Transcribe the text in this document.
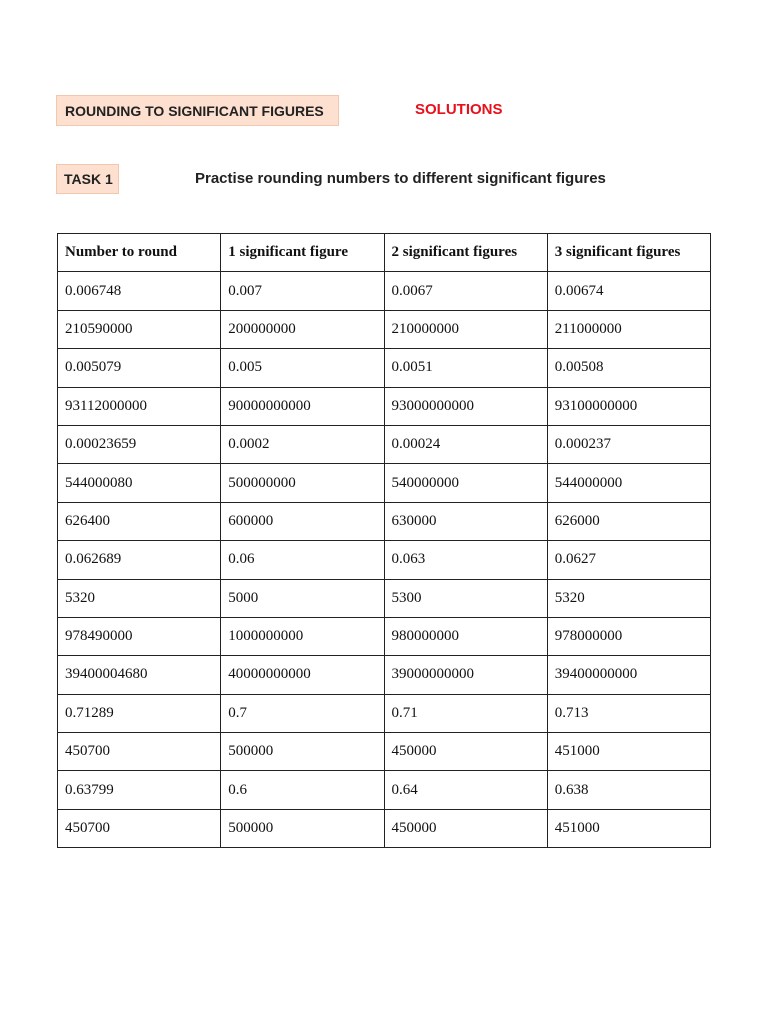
ROUNDING TO SIGNIFICANT FIGURES	SOLUTIONS
TASK 1	Practise rounding numbers to different significant figures
Number to round	1 significant figure	2 significant figures	3 significant figures
0.006748	0.007	0.0067	0.00674
210590000	200000000	210000000	211000000
0.005079	0.005	0.0051	0.00508
93112000000	90000000000	93000000000	93100000000
0.00023659	0.0002	0.00024	0.000237
544000080	500000000	540000000	544000000
626400	600000	630000	626000
0.062689	0.06	0.063	0.0627
5320	5000	5300	5320
978490000	1000000000	980000000	978000000
39400004680	40000000000	39000000000	39400000000
0.71289	0.7	0.71	0.713
450700	500000	450000	451000
0.63799	0.6	0.64	0.638
450700	500000	450000	451000
